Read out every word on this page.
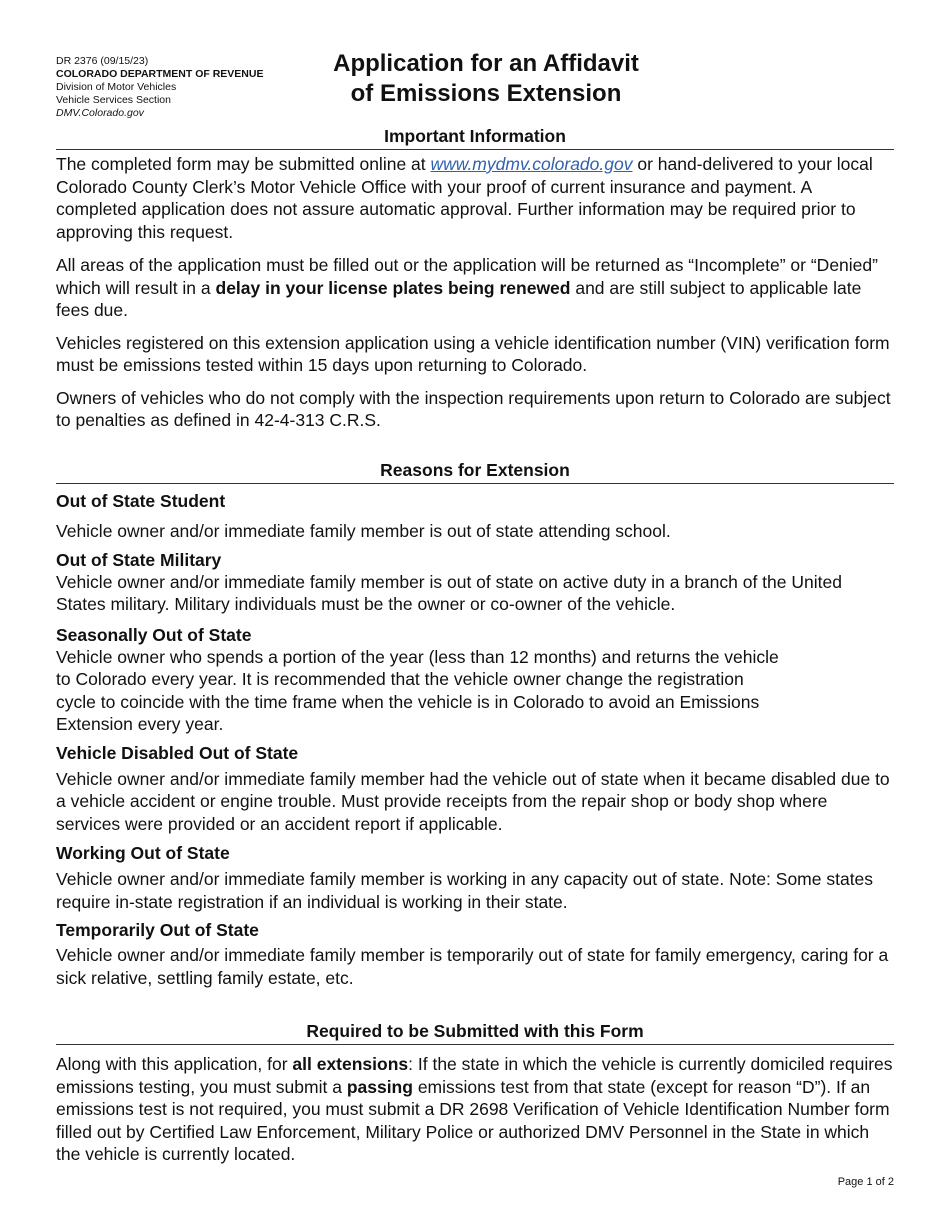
DR 2376 (09/15/23)
COLORADO DEPARTMENT OF REVENUE
Division of Motor Vehicles
Vehicle Services Section
DMV.Colorado.gov
Application for an Affidavit
of Emissions Extension
Important Information

The completed form may be submitted online at www.mydmv.colorado.gov or hand-delivered to your local Colorado County Clerk’s Motor Vehicle Office with your proof of current insurance and payment. A completed application does not assure automatic approval. Further information may be required prior to approving this request.

All areas of the application must be filled out or the application will be returned as “Incomplete” or “Denied” which will result in a delay in your license plates being renewed and are still subject to applicable late fees due.

Vehicles registered on this extension application using a vehicle identification number (VIN) verification form must be emissions tested within 15 days upon returning to Colorado.

Owners of vehicles who do not comply with the inspection requirements upon return to Colorado are subject to penalties as defined in 42-4-313 C.R.S.

Reasons for Extension
Out of State Student

Vehicle owner and/or immediate family member is out of state attending school.

Out of State Military

Vehicle owner and/or immediate family member is out of state on active duty in a branch of the United States military. Military individuals must be the owner or co-owner of the vehicle.

Seasonally Out of State

Vehicle owner who spends a portion of the year (less than 12 months) and returns the vehicle
to Colorado every year. It is recommended that the vehicle owner change the registration
cycle to coincide with the time frame when the vehicle is in Colorado to avoid an Emissions
Extension every year.

Vehicle Disabled Out of State

Vehicle owner and/or immediate family member had the vehicle out of state when it became disabled due to a vehicle accident or engine trouble. Must provide receipts from the repair shop or body shop where services were provided or an accident report if applicable.

Working Out of State

Vehicle owner and/or immediate family member is working in any capacity out of state. Note: Some states require in-state registration if an individual is working in their state.

Temporarily Out of State

Vehicle owner and/or immediate family member is temporarily out of state for family emergency, caring for a sick relative, settling family estate, etc.

Required to be Submitted with this Form

Along with this application, for all extensions: If the state in which the vehicle is currently domiciled requires emissions testing, you must submit a passing emissions test from that state (except for reason “D”). If an emissions test is not required, you must submit a DR 2698 Verification of Vehicle Identification Number form filled out by Certified Law Enforcement, Military Police or authorized DMV Personnel in the State in which the vehicle is currently located.

Page 1 of 2
